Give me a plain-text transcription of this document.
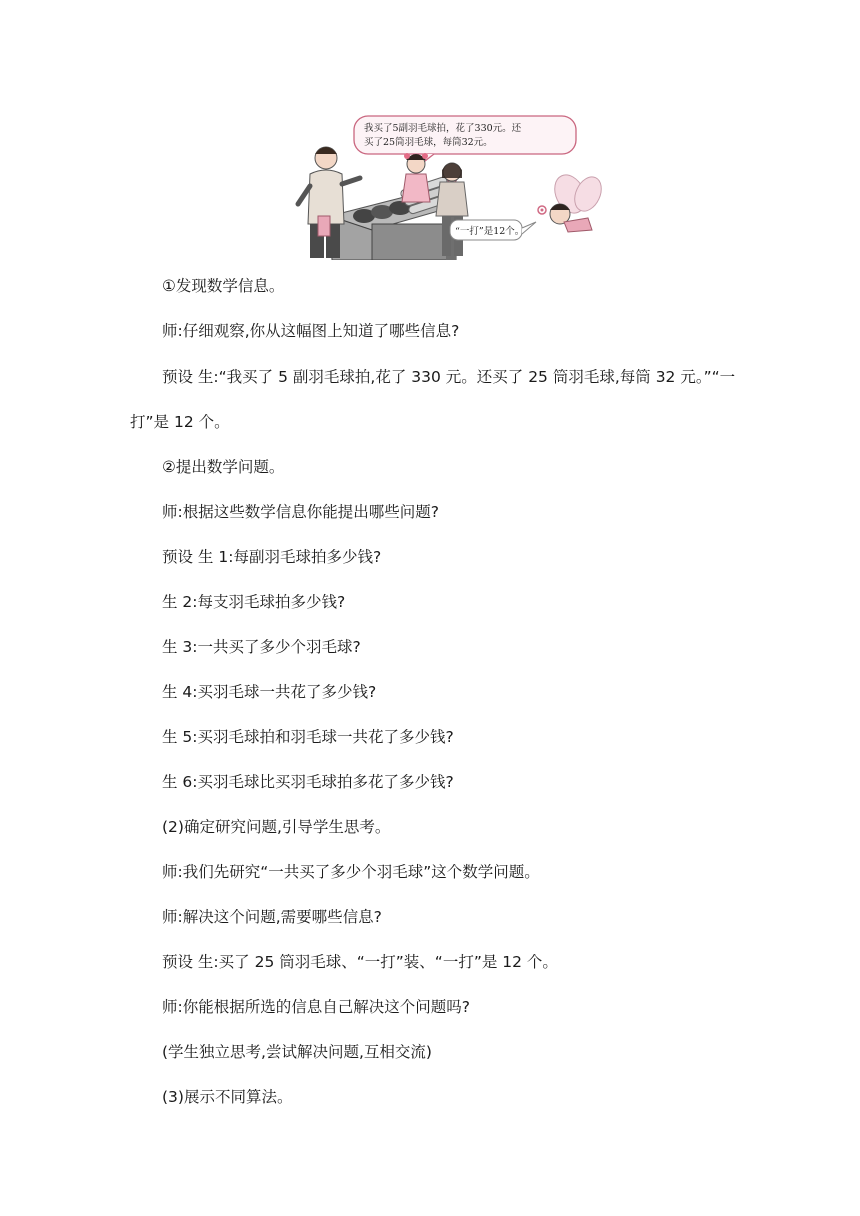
我买了5副羽毛球拍，花了330元。还
买了25筒羽毛球，每筒32元。
“一打”是12个。
①发现数学信息。
师:仔细观察,你从这幅图上知道了哪些信息?
预设 生:“我买了 5 副羽毛球拍,花了 330 元。还买了 25 筒羽毛球,每筒 32 元。”“一
打”是 12 个。
②提出数学问题。
师:根据这些数学信息你能提出哪些问题?
预设 生 1:每副羽毛球拍多少钱?
生 2:每支羽毛球拍多少钱?
生 3:一共买了多少个羽毛球?
生 4:买羽毛球一共花了多少钱?
生 5:买羽毛球拍和羽毛球一共花了多少钱?
生 6:买羽毛球比买羽毛球拍多花了多少钱?
(2)确定研究问题,引导学生思考。
师:我们先研究“一共买了多少个羽毛球”这个数学问题。
师:解决这个问题,需要哪些信息?
预设 生:买了 25 筒羽毛球、“一打”装、“一打”是 12 个。
师:你能根据所选的信息自己解决这个问题吗?
(学生独立思考,尝试解决问题,互相交流)
(3)展示不同算法。
